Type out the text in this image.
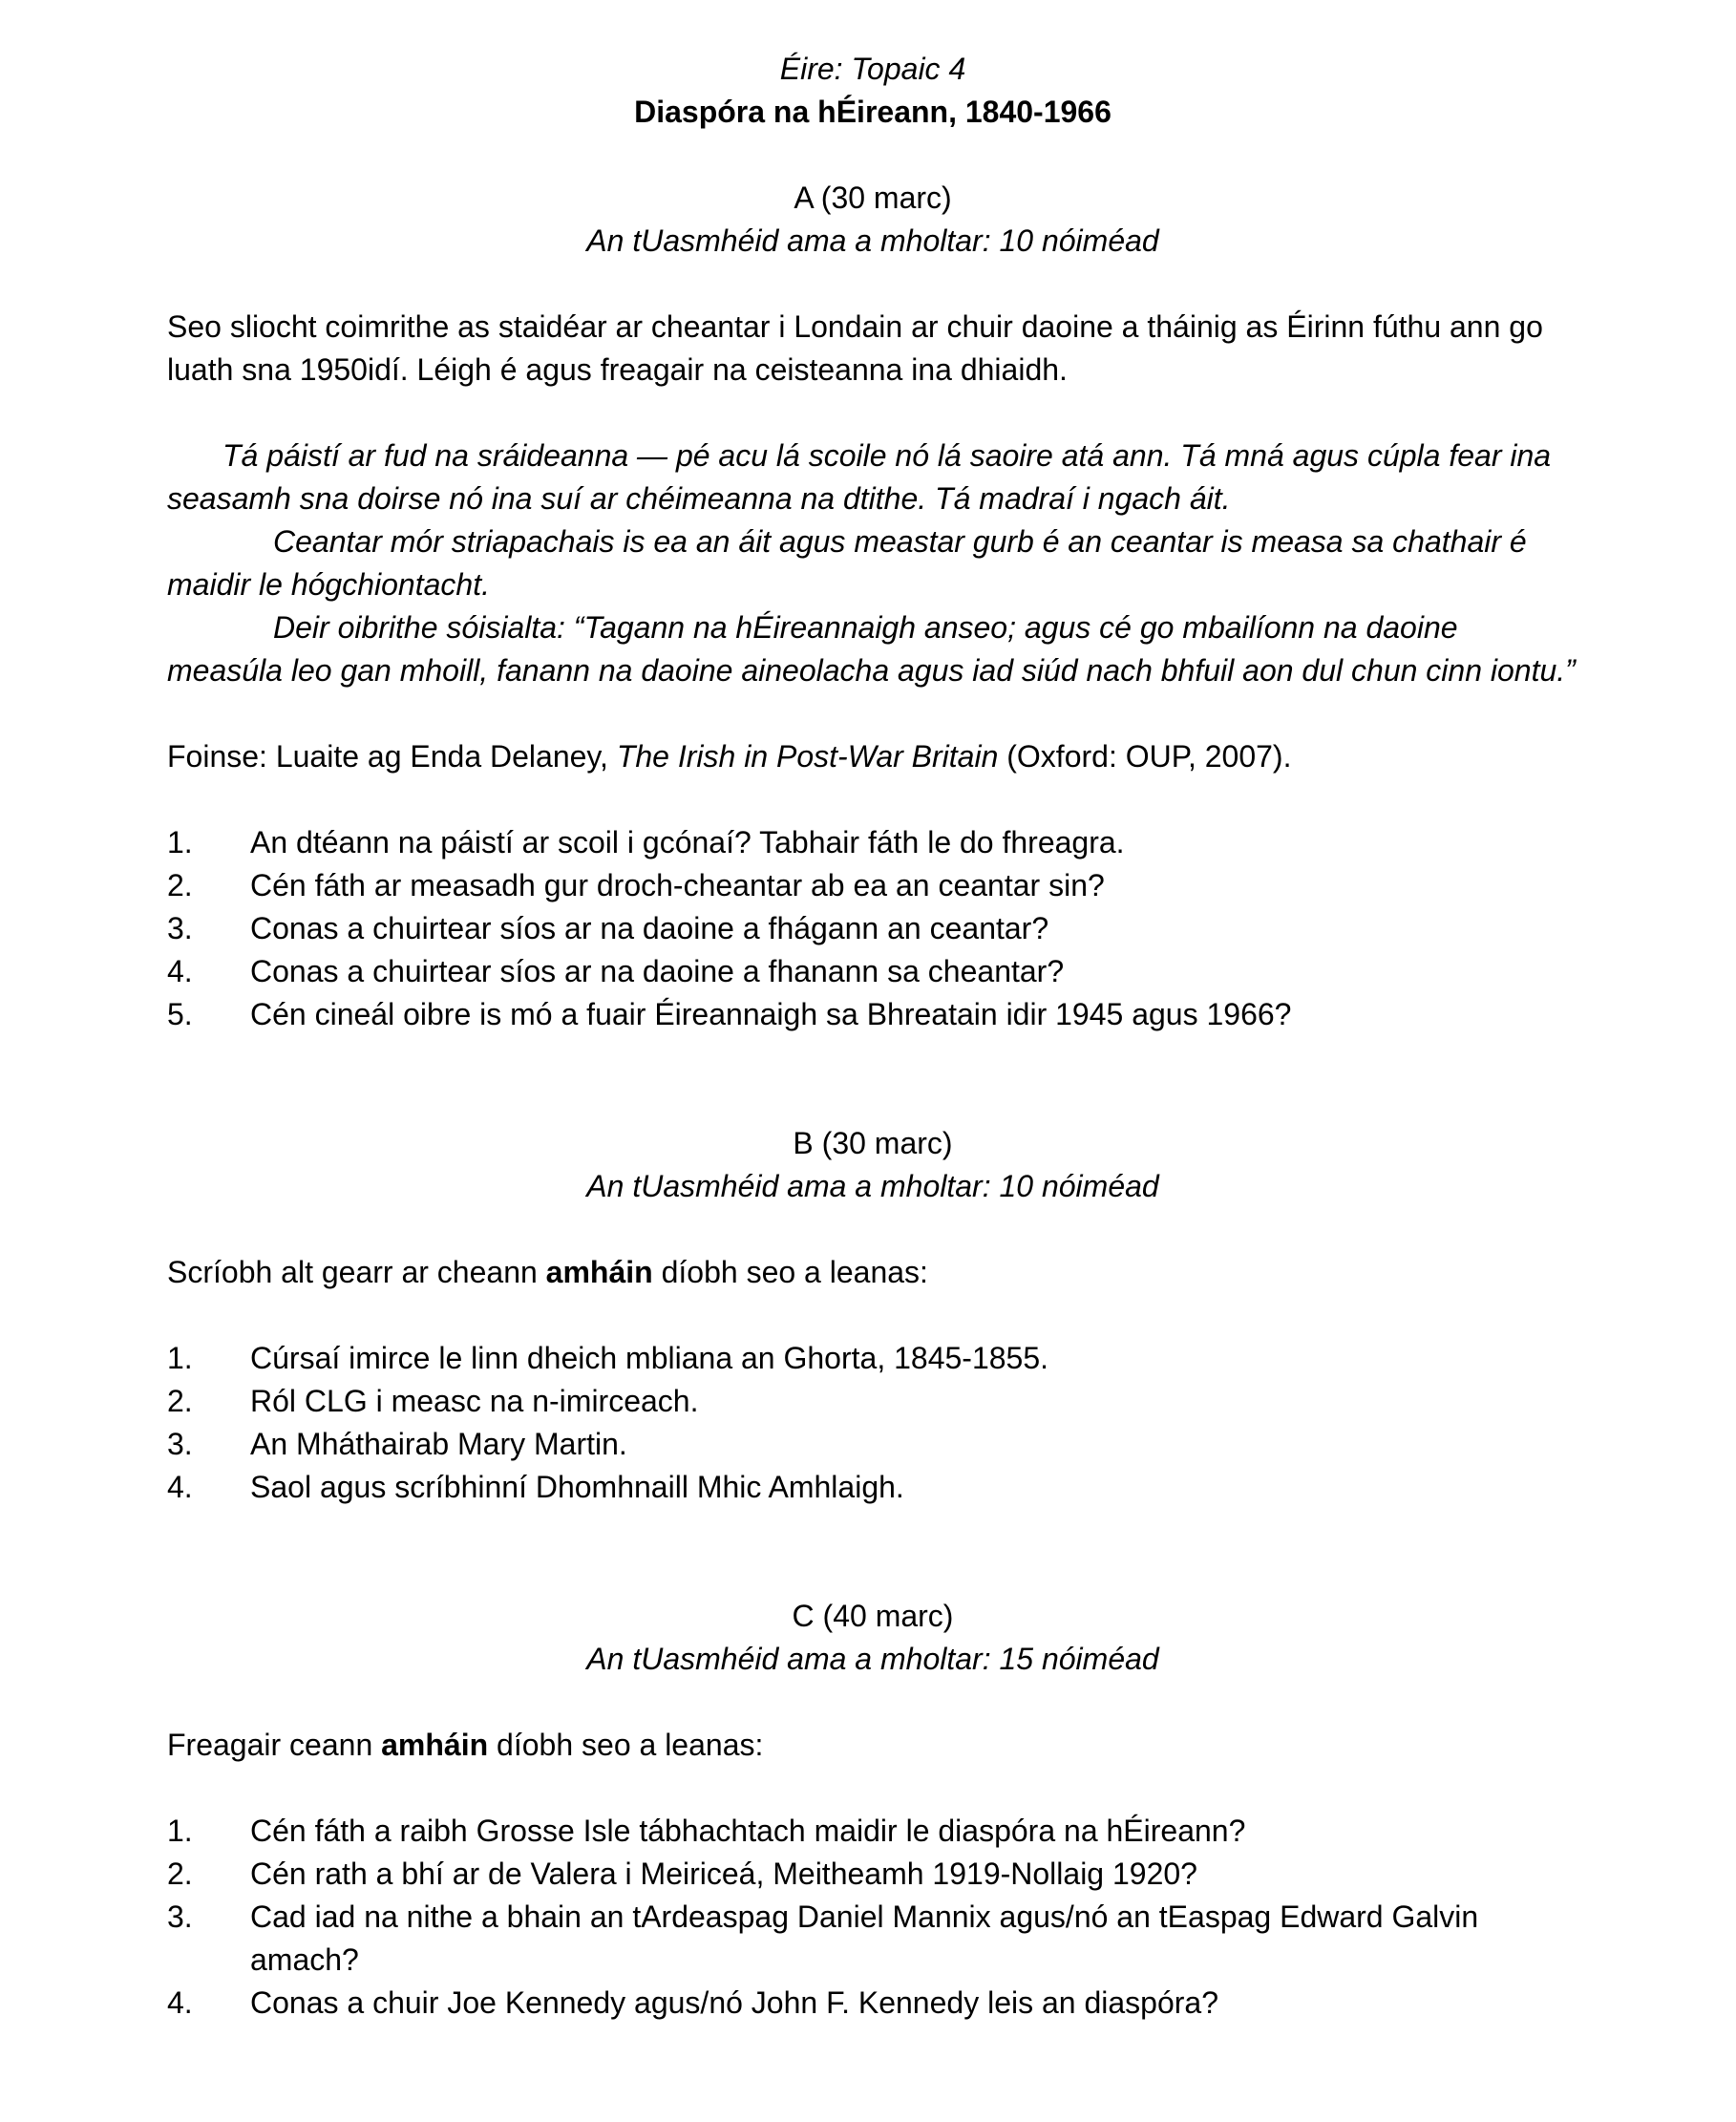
Éire: Topaic 4

Diaspóra na hÉireann, 1840-1966

A (30 marc)

An tUasmhéid ama a mholtar: 10 nóiméad

Seo sliocht coimrithe as staidéar ar cheantar i Londain ar chuir daoine a tháinig as Éirinn fúthu ann go luath sna 1950idí. Léigh é agus freagair na ceisteanna ina dhiaidh.

Tá páistí ar fud na sráideanna — pé acu lá scoile nó lá saoire atá ann. Tá mná agus cúpla fear ina seasamh sna doirse nó ina suí ar chéimeanna na dtithe. Tá madraí i ngach áit.

Ceantar mór striapachais is ea an áit agus meastar gurb é an ceantar is measa sa chathair é maidir le hógchiontacht.

Deir oibrithe sóisialta: “Tagann na hÉireannaigh anseo; agus cé go mbailíonn na daoine measúla leo gan mhoill, fanann na daoine aineolacha agus iad siúd nach bhfuil aon dul chun cinn iontu.”

Foinse: Luaite ag Enda Delaney, The Irish in Post-War Britain (Oxford: OUP, 2007).

1. An dtéann na páistí ar scoil i gcónaí? Tabhair fáth le do fhreagra.
2. Cén fáth ar measadh gur droch-cheantar ab ea an ceantar sin?
3. Conas a chuirtear síos ar na daoine a fhágann an ceantar?
4. Conas a chuirtear síos ar na daoine a fhanann sa cheantar?
5. Cén cineál oibre is mó a fuair Éireannaigh sa Bhreatain idir 1945 agus 1966?

B (30 marc)

An tUasmhéid ama a mholtar: 10 nóiméad

Scríobh alt gearr ar cheann amháin díobh seo a leanas:

1. Cúrsaí imirce le linn dheich mbliana an Ghorta, 1845-1855.
2. Ról CLG i measc na n-imirceach.
3. An Mháthairab Mary Martin.
4. Saol agus scríbhinní Dhomhnaill Mhic Amhlaigh.

C (40 marc)

An tUasmhéid ama a mholtar: 15 nóiméad

Freagair ceann amháin díobh seo a leanas:

1. Cén fáth a raibh Grosse Isle tábhachtach maidir le diaspóra na hÉireann?
2. Cén rath a bhí ar de Valera i Meiriceá, Meitheamh 1919-Nollaig 1920?
3. Cad iad na nithe a bhain an tArdeaspag Daniel Mannix agus/nó an tEaspag Edward Galvin amach?
4. Conas a chuir Joe Kennedy agus/nó John F. Kennedy leis an diaspóra?
